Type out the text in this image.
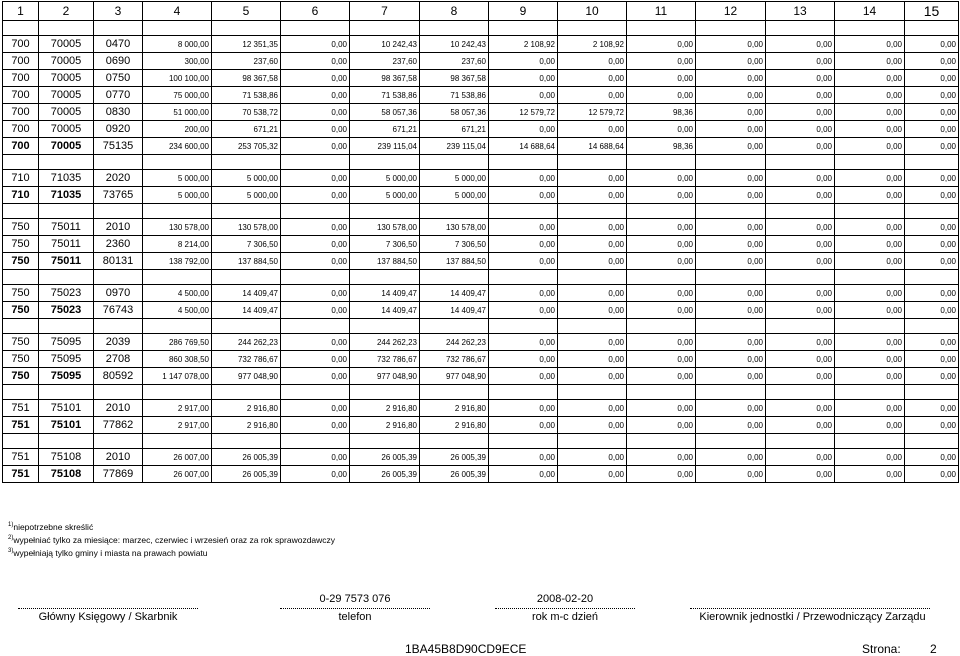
1	2	3	4	5	6	7	8	9	10	11	12	13	14	15

700	70005	0470	8 000,00	12 351,35	0,00	10 242,43	10 242,43	2 108,92	2 108,92	0,00	0,00	0,00	0,00	0,00
700	70005	0690	300,00	237,60	0,00	237,60	237,60	0,00	0,00	0,00	0,00	0,00	0,00	0,00
700	70005	0750	100 100,00	98 367,58	0,00	98 367,58	98 367,58	0,00	0,00	0,00	0,00	0,00	0,00	0,00
700	70005	0770	75 000,00	71 538,86	0,00	71 538,86	71 538,86	0,00	0,00	0,00	0,00	0,00	0,00	0,00
700	70005	0830	51 000,00	70 538,72	0,00	58 057,36	58 057,36	12 579,72	12 579,72	98,36	0,00	0,00	0,00	0,00
700	70005	0920	200,00	671,21	0,00	671,21	671,21	0,00	0,00	0,00	0,00	0,00	0,00	0,00
700	70005	75135	234 600,00	253 705,32	0,00	239 115,04	239 115,04	14 688,64	14 688,64	98,36	0,00	0,00	0,00	0,00

710	71035	2020	5 000,00	5 000,00	0,00	5 000,00	5 000,00	0,00	0,00	0,00	0,00	0,00	0,00	0,00
710	71035	73765	5 000,00	5 000,00	0,00	5 000,00	5 000,00	0,00	0,00	0,00	0,00	0,00	0,00	0,00

750	75011	2010	130 578,00	130 578,00	0,00	130 578,00	130 578,00	0,00	0,00	0,00	0,00	0,00	0,00	0,00
750	75011	2360	8 214,00	7 306,50	0,00	7 306,50	7 306,50	0,00	0,00	0,00	0,00	0,00	0,00	0,00
750	75011	80131	138 792,00	137 884,50	0,00	137 884,50	137 884,50	0,00	0,00	0,00	0,00	0,00	0,00	0,00

750	75023	0970	4 500,00	14 409,47	0,00	14 409,47	14 409,47	0,00	0,00	0,00	0,00	0,00	0,00	0,00
750	75023	76743	4 500,00	14 409,47	0,00	14 409,47	14 409,47	0,00	0,00	0,00	0,00	0,00	0,00	0,00

750	75095	2039	286 769,50	244 262,23	0,00	244 262,23	244 262,23	0,00	0,00	0,00	0,00	0,00	0,00	0,00
750	75095	2708	860 308,50	732 786,67	0,00	732 786,67	732 786,67	0,00	0,00	0,00	0,00	0,00	0,00	0,00
750	75095	80592	1 147 078,00	977 048,90	0,00	977 048,90	977 048,90	0,00	0,00	0,00	0,00	0,00	0,00	0,00

751	75101	2010	2 917,00	2 916,80	0,00	2 916,80	2 916,80	0,00	0,00	0,00	0,00	0,00	0,00	0,00
751	75101	77862	2 917,00	2 916,80	0,00	2 916,80	2 916,80	0,00	0,00	0,00	0,00	0,00	0,00	0,00

751	75108	2010	26 007,00	26 005,39	0,00	26 005,39	26 005,39	0,00	0,00	0,00	0,00	0,00	0,00	0,00
751	75108	77869	26 007,00	26 005,39	0,00	26 005,39	26 005,39	0,00	0,00	0,00	0,00	0,00	0,00	0,00
$^{1)}$niepotrzebne skreślić
$^{2)}$wypełniać tylko za miesiące: marzec, czerwiec i wrzesień oraz za rok sprawozdawczy
$^{3)}$wypełniają tylko gminy i miasta na prawach powiatu
0-29 7573 076	2008-02-20
Główny Księgowy / Skarbnik	telefon	rok m-c dzień	Kierownik jednostki / Przewodniczący Zarządu
1BA45B8D90CD9ECE	Strona: 2
